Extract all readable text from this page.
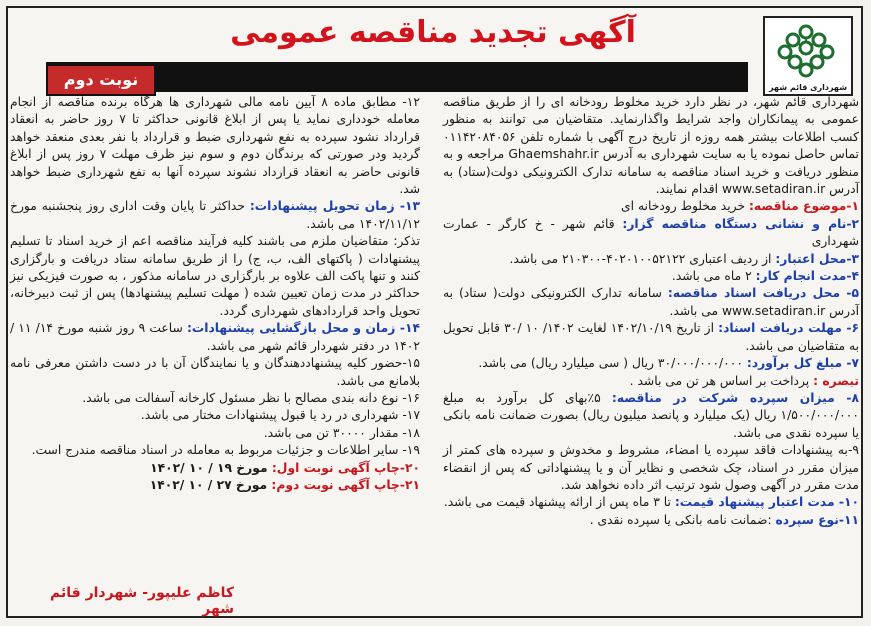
آگهی تجدید مناقصه عمومی
نوبت دوم	شهرداری قائم شهر

شهرداری قائم شهر، در نظر دارد خرید مخلوط رودخانه ای را از طریق مناقصه عمومی به پیمانکاران واجد شرایط واگذارنماید. متقاضیان می توانند به منظور کسب اطلاعات بیشتر همه روزه از تاریخ درج آگهی با شماره تلفن ۰۱۱۴۲۰۸۴۰۵۶ تماس حاصل نموده یا به سایت شهرداری به آدرس Ghaemshahr.ir مراجعه و به منظور دریافت و خرید اسناد مناقصه به سامانه تدارک الکترونیکی دولت(ستاد) به آدرس www.setadiran.ir اقدام نمایند.

۱-موضوع مناقصه: خرید مخلوط رودخانه ای

۲-نام و نشانی دستگاه مناقصه گزار: قائم شهر - خ کارگر - عمارت شهرداری

۳-محل اعتبار: از ردیف اعتباری ۴۰۲۰۱۰۰۵۲۱۲۲-۲۱۰۳۰۰ می باشد.

۴-مدت انجام کار: ۲ ماه می باشد.

۵- محل دریافت اسناد مناقصه: سامانه تدارک الکترونیکی دولت( ستاد) به آدرس www.setadiran.ir می باشد.

۶- مهلت دریافت اسناد: از تاریخ ۱۴۰۲/۱۰/۱۹ لغایت ۱۴۰۲/ ۱۰ /۳۰ قابل تحویل به متقاضیان می باشد.

۷- مبلغ کل برآورد: ۳۰/۰۰۰/۰۰۰/۰۰۰ ریال ( سی میلیارد ریال) می باشد.

تبصره : پرداخت بر اساس هر تن می باشد .

۸- میزان سپرده شرکت در مناقصه: ۵٪بهای کل برآورد به مبلغ ۱/۵۰۰/۰۰۰/۰۰۰ ریال (یک میلیارد و پانصد میلیون ریال) بصورت ضمانت نامه بانکی یا سپرده نقدی می باشد.

۹-به پیشنهادات فاقد سپرده یا امضاء، مشروط و مخدوش و سپرده های کمتر از میزان مقرر در اسناد، چک شخصی و نظایر آن و یا پیشنهاداتی که پس از انقضاء مدت مقرر در آگهی وصول شود ترتیب اثر داده نخواهد شد.

۱۰- مدت اعتبار پیشنهاد قیمت: تا ۳ ماه پس از ارائه پیشنهاد قیمت می باشد.

۱۱-نوع سپرده :ضمانت نامه بانکی یا سپرده نقدی .

۱۲- مطابق ماده ۸ آیین نامه مالی شهرداری ها هرگاه برنده مناقصه از انجام معامله خودداری نماید یا پس از ابلاغ قانونی حداکثر تا ۷ روز حاضر به انعقاد قرارداد نشود سپرده به نفع شهرداری ضبط و قرارداد با نفر بعدی منعقد خواهد گردید ودر صورتی که برندگان دوم و سوم نیز ظرف مهلت ۷ روز پس از ابلاغ قانونی حاضر به انعقاد قرارداد نشوند سپرده آنها به نفع شهرداری ضبط خواهد شد.

۱۳- زمان تحویل پیشنهادات: حداکثر تا پایان وقت اداری روز پنجشنبه مورخ ۱۴۰۲/۱۱/۱۲ می باشد.

تذکر: متقاضیان ملزم می باشند کلیه فرآیند مناقصه اعم از خرید اسناد تا تسلیم پیشنهادات ( پاکتهای الف، ب، ج) را از طریق سامانه ستاد دریافت و بارگزاری کنند و تنها پاکت الف علاوه بر بارگزاری در سامانه مذکور ، به صورت فیزیکی نیز حداکثر در مدت زمان تعیین شده ( مهلت تسلیم پیشنهادها) پس از ثبت دبیرخانه، تحویل واحد قراردادهای شهرداری گردد.

۱۴- زمان و محل بازگشایی پیشنهادات: ساعت ۹ روز شنبه مورخ ۱۴/ ۱۱ /۱۴۰۲ در دفتر شهردار قائم شهر می باشد.

۱۵-حضور کلیه پیشنهاددهندگان و یا نمایندگان آن با در دست داشتن معرفی نامه بلامانع می باشد.

۱۶- نوع دانه بندی مصالح با نظر مسئول کارخانه آسفالت می باشد.

۱۷- شهرداری در رد یا قبول پیشنهادات مختار می باشد.

۱۸- مقدار ۳۰۰۰۰ تن می باشد.

۱۹- سایر اطلاعات و جزئیات مربوط به معامله در اسناد مناقصه مندرج است.

۲۰-چاپ آگهی نوبت اول: مورخ ۱۹ / ۱۰ /۱۴۰۲

۲۱-چاپ آگهی نوبت دوم: مورخ ۲۷ / ۱۰ /۱۴۰۲

کاظم علیپور- شهردار قائم شهر
